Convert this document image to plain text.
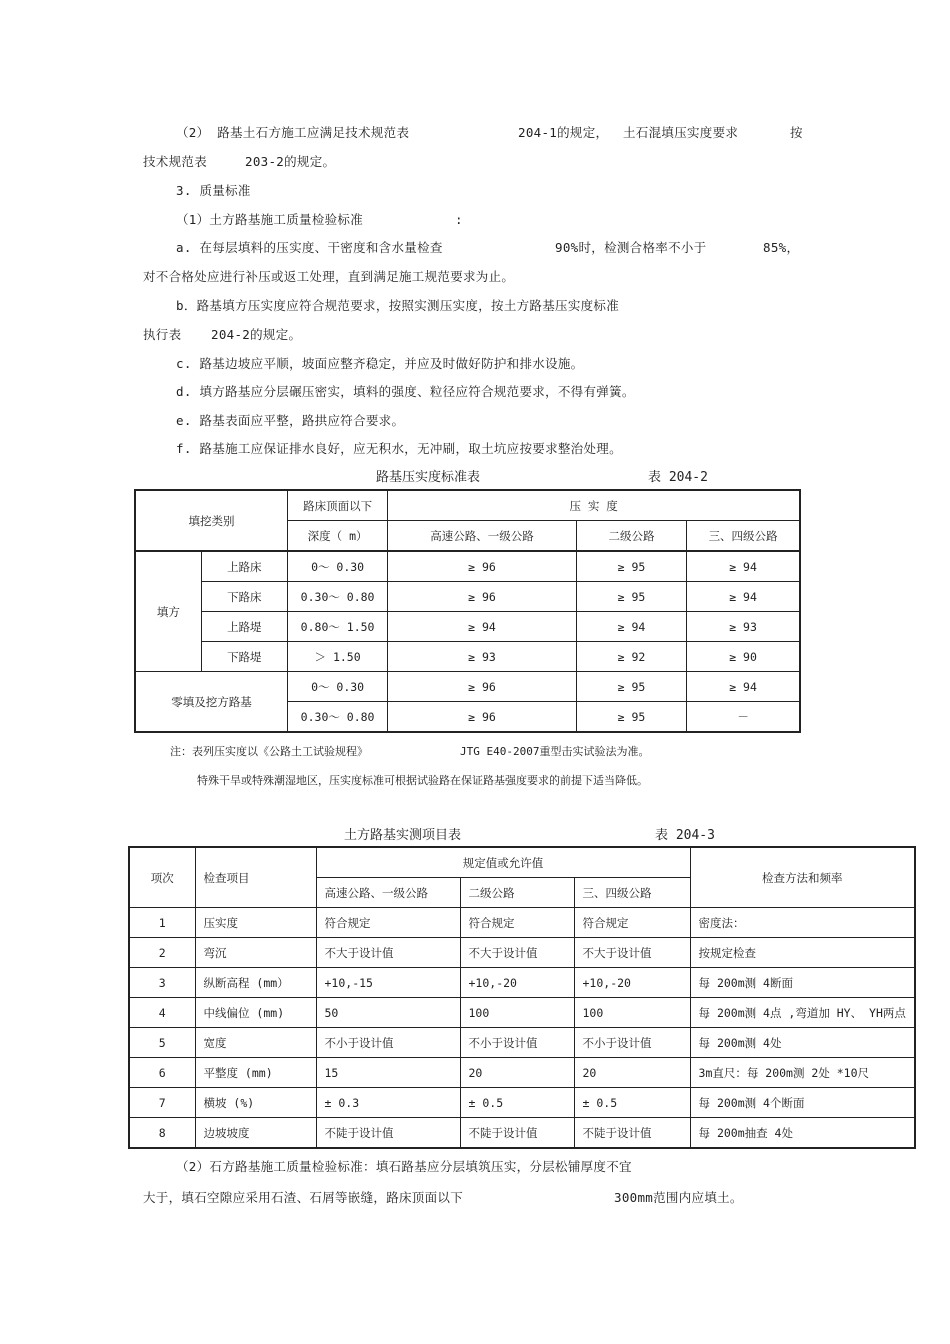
（2） 路基土石方施工应满足技术规范表	204-1的规定， 土石混填压实度要求	按
技术规范表	203-2的规定。
3. 质量标准
（1）土方路基施工质量检验标准	:
a. 在每层填料的压实度、干密度和含水量检查	90%时，检测合格率不小于	85%，
对不合格处应进行补压或返工处理，直到满足施工规范要求为止。
b．路基填方压实度应符合规范要求，按照实测压实度，按土方路基压实度标准
执行表 204-2的规定。
c. 路基边坡应平顺，坡面应整齐稳定，并应及时做好防护和排水设施。
d. 填方路基应分层碾压密实，填料的强度、粒径应符合规范要求，不得有弹簧。
e. 路基表面应平整，路拱应符合要求。
f. 路基施工应保证排水良好，应无积水，无冲刷，取土坑应按要求整治处理。
路基压实度标准表	表 204-2
填挖类别		路床顶面以下	压 实 度		
		深度（ m）	高速公路、一级公路	二级公路	三、四级公路
填方	上路床	0～ 0.30	≥ 96	≥ 95	≥ 94
	下路床	0.30～ 0.80	≥ 96	≥ 95	≥ 94
	上路堤	0.80～ 1.50	≥ 94	≥ 94	≥ 93
	下路堤	＞ 1.50	≥ 93	≥ 92	≥ 90
零填及挖方路基		0～ 0.30	≥ 96	≥ 95	≥ 94
		0.30～ 0.80	≥ 96	≥ 95	－
注：表列压实度以《公路土工试验规程》	JTG E40-2007重型击实试验法为准。
特殊干旱或特殊潮湿地区，压实度标准可根据试验路在保证路基强度要求的前提下适当降低。
土方路基实测项目表	表 204-3
项次	检查项目	规定值或允许值			检查方法和频率
		高速公路、一级公路	二级公路	三、四级公路	
1	压实度	符合规定	符合规定	符合规定	密度法：
2	弯沉	不大于设计值	不大于设计值	不大于设计值	按规定检查
3	纵断高程 (mm）	+10,-15	+10,-20	+10,-20	每 200m测 4断面
4	中线偏位 (mm)	50	100	100	每 200m测 4点 ,弯道加 HY、 YH两点
5	宽度	不小于设计值	不小于设计值	不小于设计值	每 200m测 4处
6	平整度 (mm)	15	20	20	3m直尺：每 200m测 2处 *10尺
7	横坡 (%)	± 0.3	± 0.5	± 0.5	每 200m测 4个断面
8	边坡坡度	不陡于设计值	不陡于设计值	不陡于设计值	每 200m抽查 4处
（2）石方路基施工质量检验标准：填石路基应分层填筑压实，分层松铺厚度不宜
大于，填石空隙应采用石渣、石屑等嵌缝，路床顶面以下	300mm范围内应填土。
